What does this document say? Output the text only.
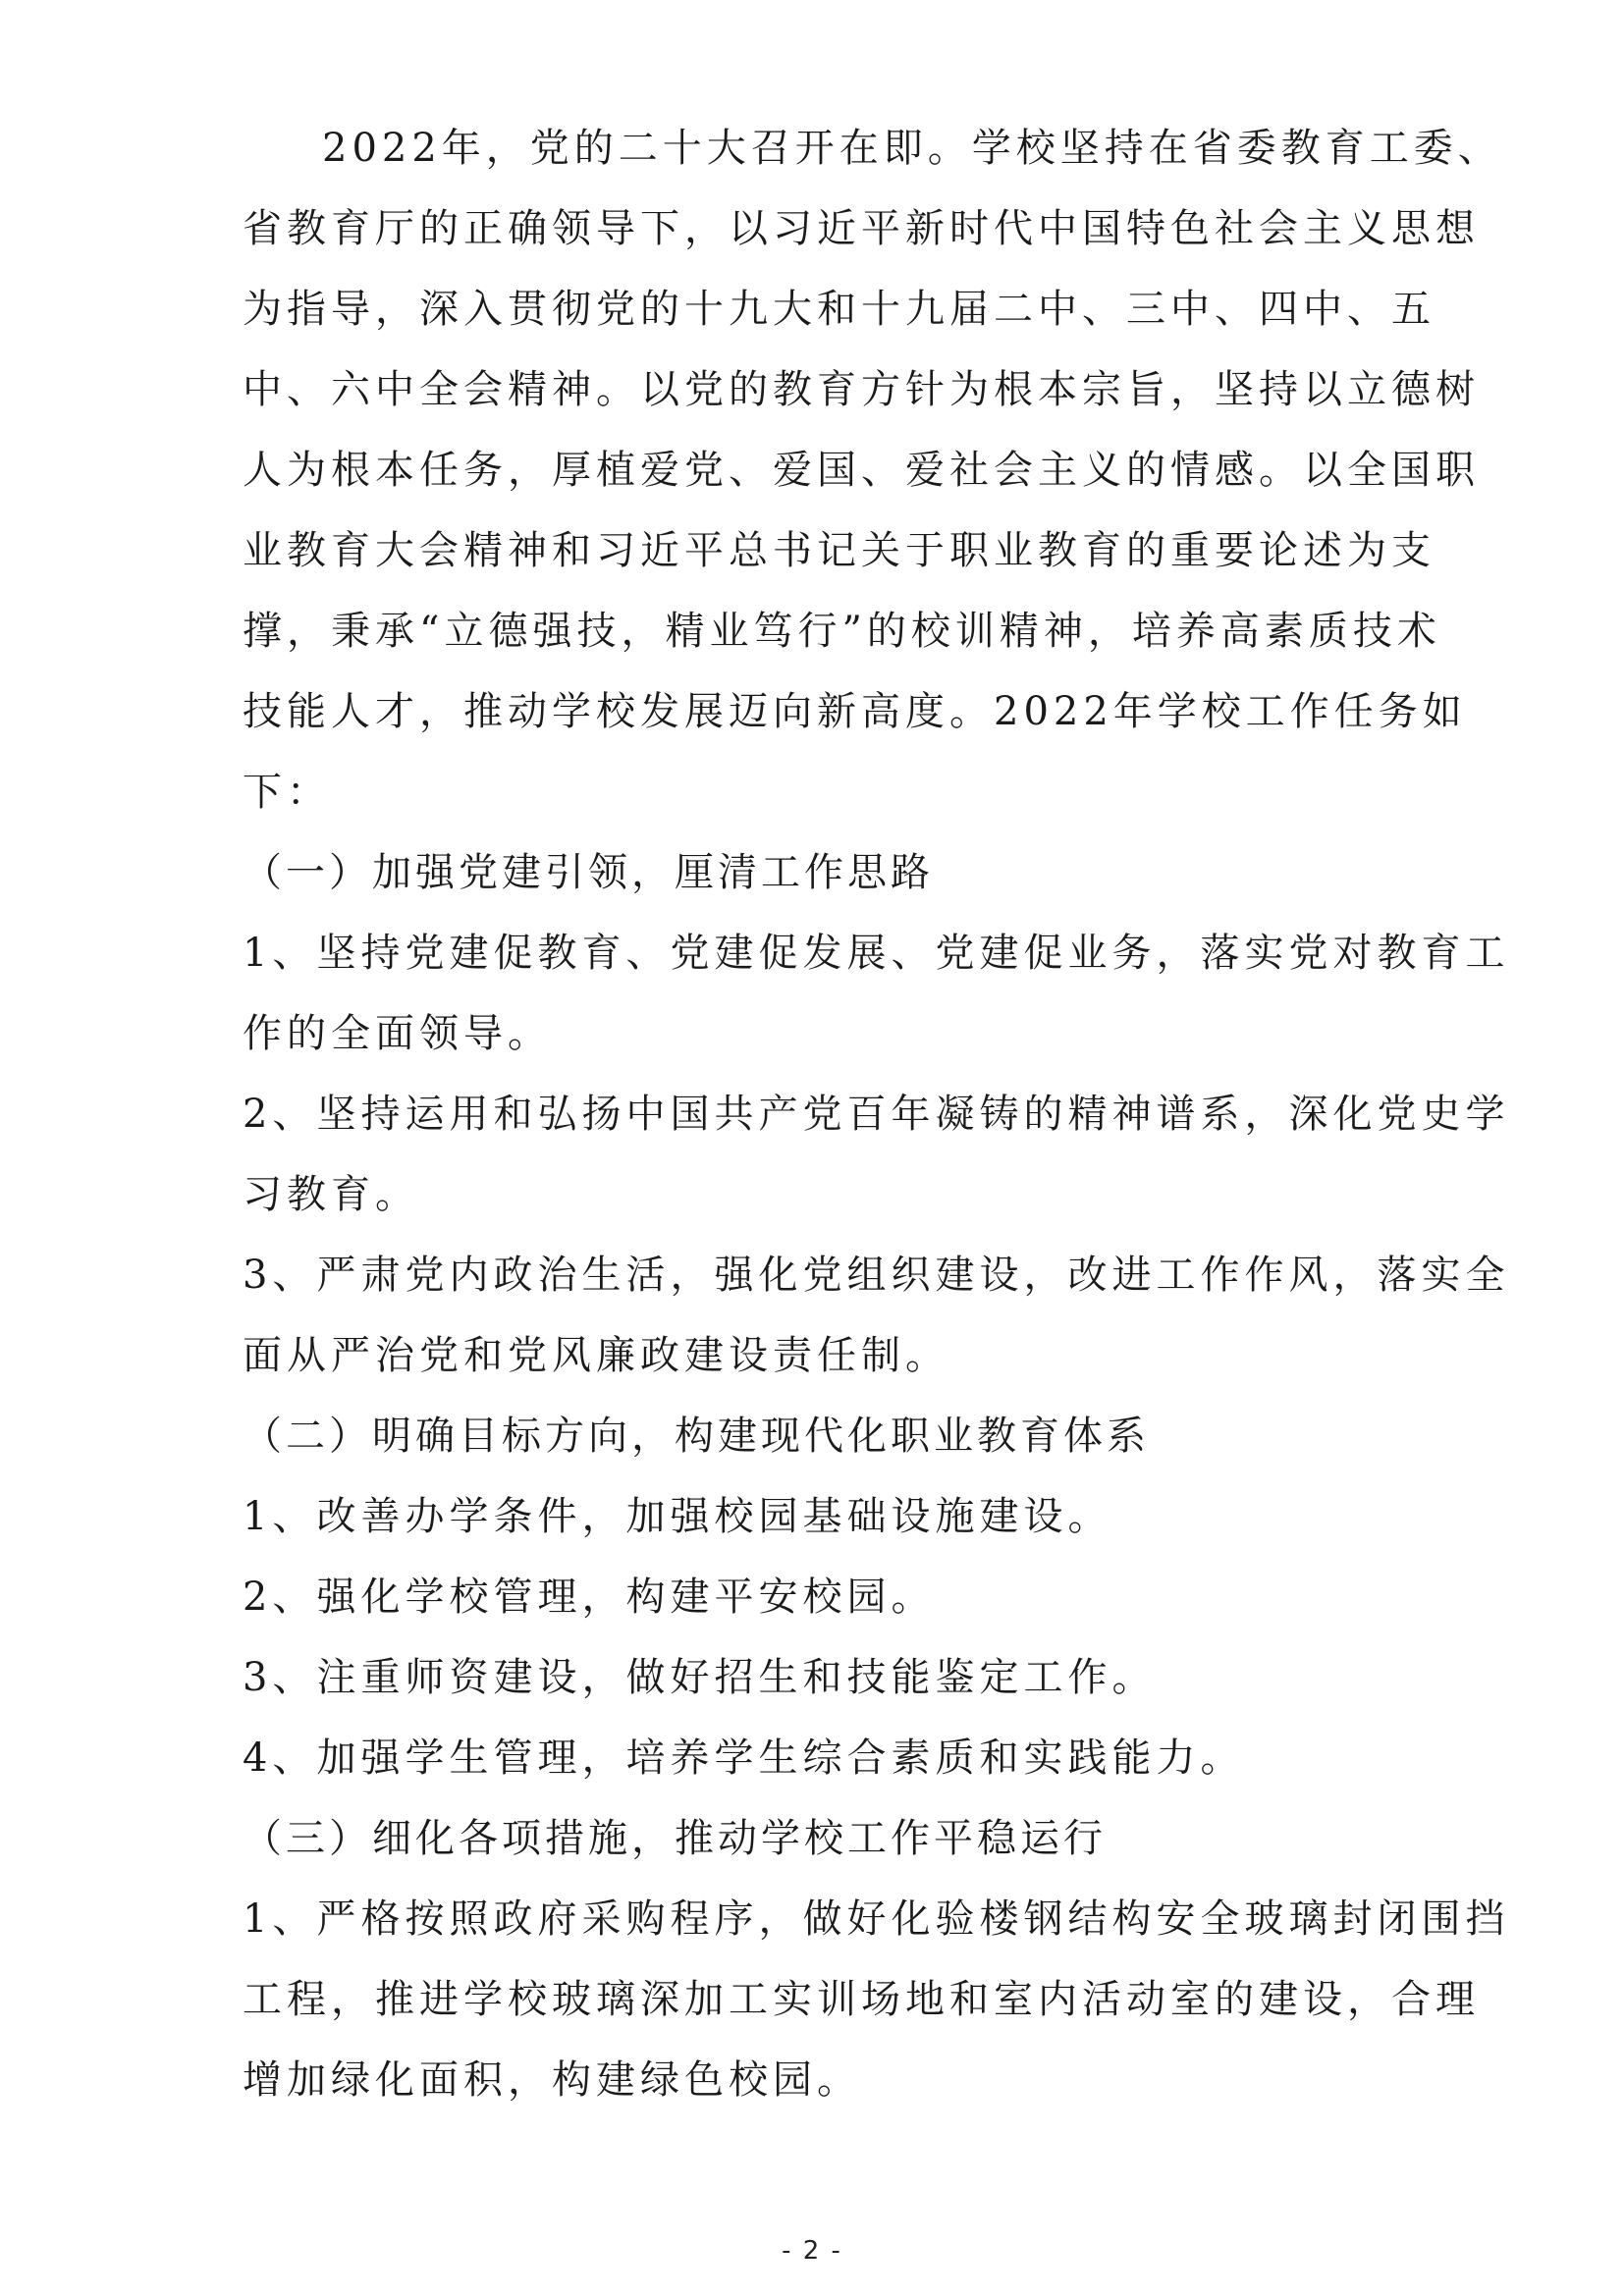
2022年，党的二十大召开在即。学校坚持在省委教育工委、
省教育厅的正确领导下，以习近平新时代中国特色社会主义思想
为指导，深入贯彻党的十九大和十九届二中、三中、四中、五
中、六中全会精神。以党的教育方针为根本宗旨，坚持以立德树
人为根本任务，厚植爱党、爱国、爱社会主义的情感。以全国职
业教育大会精神和习近平总书记关于职业教育的重要论述为支
撑，秉承“立德强技，精业笃行”的校训精神，培养高素质技术
技能人才，推动学校发展迈向新高度。2022年学校工作任务如
下：
（一）加强党建引领，厘清工作思路
1、坚持党建促教育、党建促发展、党建促业务，落实党对教育工
作的全面领导。
2、坚持运用和弘扬中国共产党百年凝铸的精神谱系，深化党史学
习教育。
3、严肃党内政治生活，强化党组织建设，改进工作作风，落实全
面从严治党和党风廉政建设责任制。
（二）明确目标方向，构建现代化职业教育体系
1、改善办学条件，加强校园基础设施建设。
2、强化学校管理，构建平安校园。
3、注重师资建设，做好招生和技能鉴定工作。
4、加强学生管理，培养学生综合素质和实践能力。
（三）细化各项措施，推动学校工作平稳运行
1、严格按照政府采购程序，做好化验楼钢结构安全玻璃封闭围挡
工程，推进学校玻璃深加工实训场地和室内活动室的建设，合理
增加绿化面积，构建绿色校园。
- 2 -
